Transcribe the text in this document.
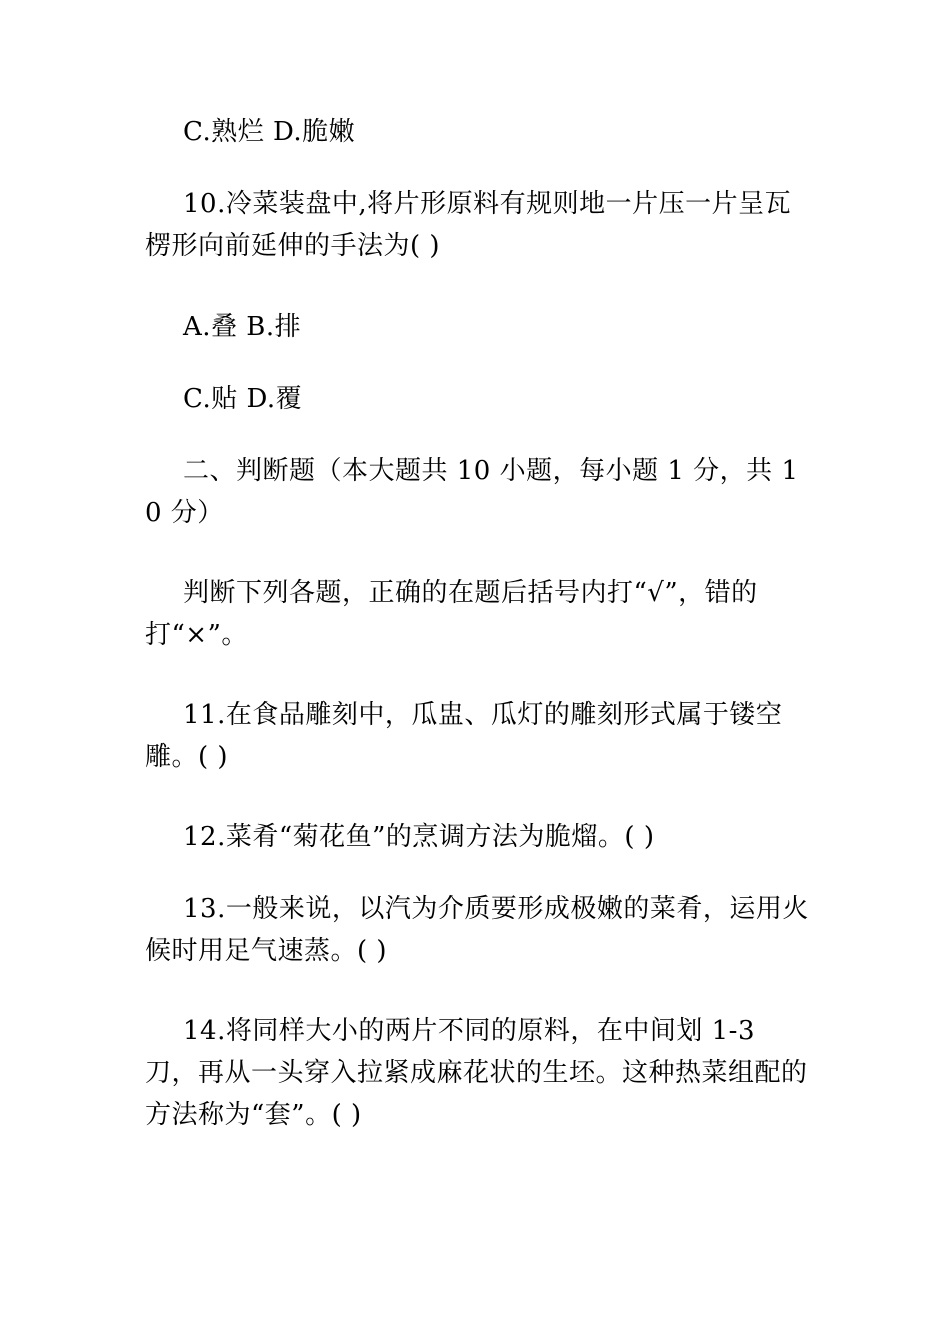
C.熟烂 D.脆嫩

10.冷菜装盘中,将片形原料有规则地一片压一片呈瓦楞形向前延伸的手法为( )

A.叠 B.排

C.贴 D.覆

二、判断题（本大题共 10 小题，每小题 1 分，共 10 分）

判断下列各题，正确的在题后括号内打“√”，错的打“×”。

11.在食品雕刻中，瓜盅、瓜灯的雕刻形式属于镂空雕。( )

12.菜肴“菊花鱼”的烹调方法为脆熘。( )

13.一般来说，以汽为介质要形成极嫩的菜肴，运用火候时用足气速蒸。( )

14.将同样大小的两片不同的原料，在中间划 1-3 刀，再从一头穿入拉紧成麻花状的生坯。这种热菜组配的方法称为“套”。( )
